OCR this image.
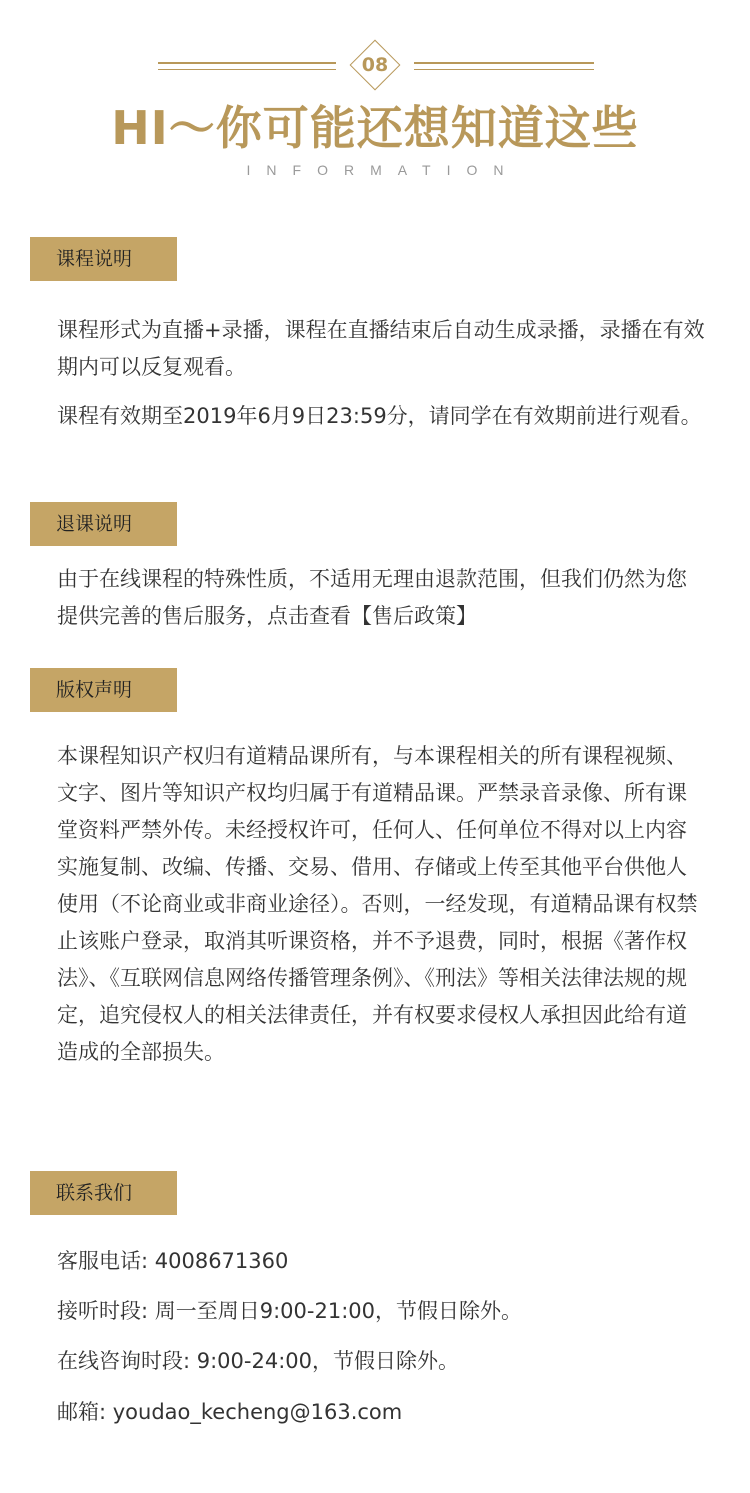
08
HI～你可能还想知道这些
INFORMATION
课程说明

课程形式为直播+录播，课程在直播结束后自动生成录播，录播在有效期内可以反复观看。

课程有效期至2019年6月9日23:59分，请同学在有效期前进行观看。

退课说明

由于在线课程的特殊性质，不适用无理由退款范围，但我们仍然为您提供完善的售后服务，点击查看【售后政策】

版权声明

本课程知识产权归有道精品课所有，与本课程相关的所有课程视频、文字、图片等知识产权均归属于有道精品课。严禁录音录像、所有课堂资料严禁外传。未经授权许可，任何人、任何单位不得对以上内容实施复制、改编、传播、交易、借用、存储或上传至其他平台供他人使用（不论商业或非商业途径）。否则，一经发现，有道精品课有权禁止该账户登录，取消其听课资格，并不予退费，同时，根据《著作权法》、《互联网信息网络传播管理条例》、《刑法》等相关法律法规的规定，追究侵权人的相关法律责任，并有权要求侵权人承担因此给有道造成的全部损失。

联系我们
客服电话: 4008671360
接听时段: 周一至周日9:00-21:00，节假日除外。
在线咨询时段: 9:00-24:00，节假日除外。
邮箱: youdao_kecheng@163.com
